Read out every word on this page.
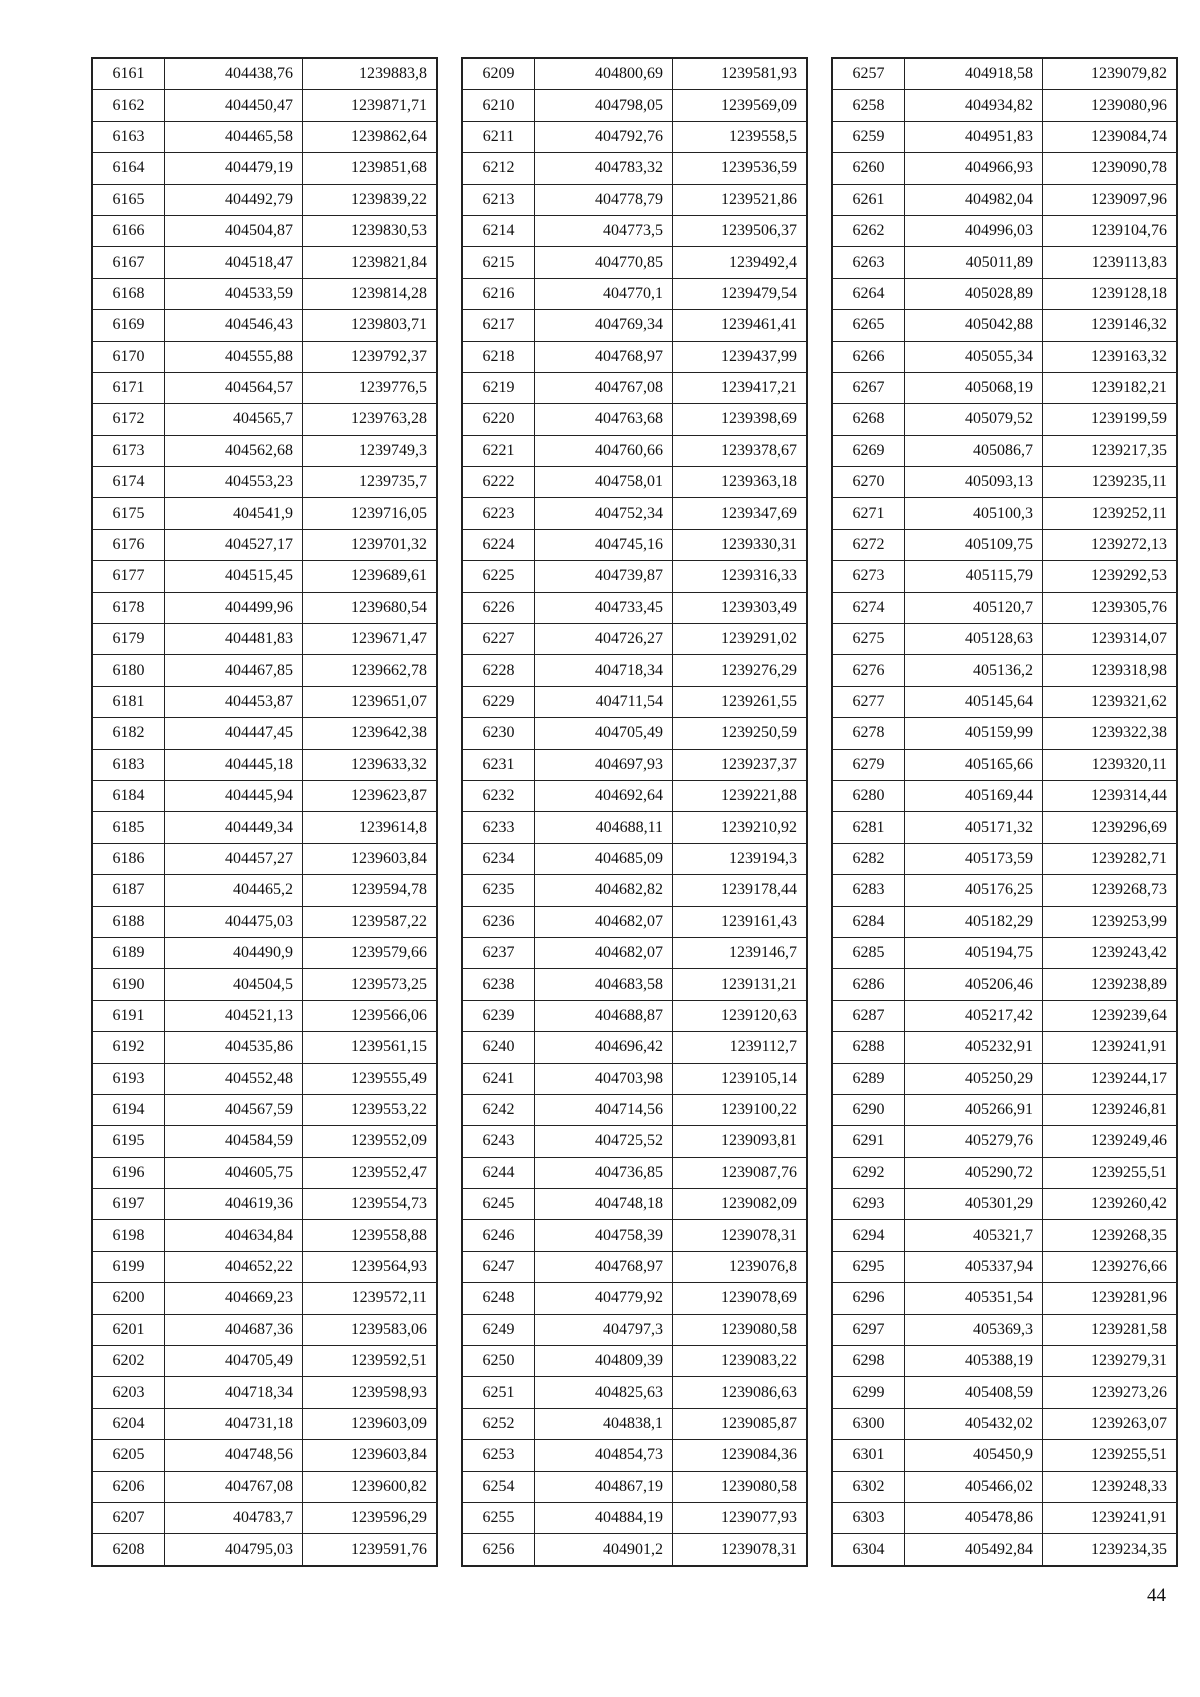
6161	404438,76	1239883,8
6162	404450,47	1239871,71
6163	404465,58	1239862,64
6164	404479,19	1239851,68
6165	404492,79	1239839,22
6166	404504,87	1239830,53
6167	404518,47	1239821,84
6168	404533,59	1239814,28
6169	404546,43	1239803,71
6170	404555,88	1239792,37
6171	404564,57	1239776,5
6172	404565,7	1239763,28
6173	404562,68	1239749,3
6174	404553,23	1239735,7
6175	404541,9	1239716,05
6176	404527,17	1239701,32
6177	404515,45	1239689,61
6178	404499,96	1239680,54
6179	404481,83	1239671,47
6180	404467,85	1239662,78
6181	404453,87	1239651,07
6182	404447,45	1239642,38
6183	404445,18	1239633,32
6184	404445,94	1239623,87
6185	404449,34	1239614,8
6186	404457,27	1239603,84
6187	404465,2	1239594,78
6188	404475,03	1239587,22
6189	404490,9	1239579,66
6190	404504,5	1239573,25
6191	404521,13	1239566,06
6192	404535,86	1239561,15
6193	404552,48	1239555,49
6194	404567,59	1239553,22
6195	404584,59	1239552,09
6196	404605,75	1239552,47
6197	404619,36	1239554,73
6198	404634,84	1239558,88
6199	404652,22	1239564,93
6200	404669,23	1239572,11
6201	404687,36	1239583,06
6202	404705,49	1239592,51
6203	404718,34	1239598,93
6204	404731,18	1239603,09
6205	404748,56	1239603,84
6206	404767,08	1239600,82
6207	404783,7	1239596,29
6208	404795,03	1239591,76
6209	404800,69	1239581,93
6210	404798,05	1239569,09
6211	404792,76	1239558,5
6212	404783,32	1239536,59
6213	404778,79	1239521,86
6214	404773,5	1239506,37
6215	404770,85	1239492,4
6216	404770,1	1239479,54
6217	404769,34	1239461,41
6218	404768,97	1239437,99
6219	404767,08	1239417,21
6220	404763,68	1239398,69
6221	404760,66	1239378,67
6222	404758,01	1239363,18
6223	404752,34	1239347,69
6224	404745,16	1239330,31
6225	404739,87	1239316,33
6226	404733,45	1239303,49
6227	404726,27	1239291,02
6228	404718,34	1239276,29
6229	404711,54	1239261,55
6230	404705,49	1239250,59
6231	404697,93	1239237,37
6232	404692,64	1239221,88
6233	404688,11	1239210,92
6234	404685,09	1239194,3
6235	404682,82	1239178,44
6236	404682,07	1239161,43
6237	404682,07	1239146,7
6238	404683,58	1239131,21
6239	404688,87	1239120,63
6240	404696,42	1239112,7
6241	404703,98	1239105,14
6242	404714,56	1239100,22
6243	404725,52	1239093,81
6244	404736,85	1239087,76
6245	404748,18	1239082,09
6246	404758,39	1239078,31
6247	404768,97	1239076,8
6248	404779,92	1239078,69
6249	404797,3	1239080,58
6250	404809,39	1239083,22
6251	404825,63	1239086,63
6252	404838,1	1239085,87
6253	404854,73	1239084,36
6254	404867,19	1239080,58
6255	404884,19	1239077,93
6256	404901,2	1239078,31
6257	404918,58	1239079,82
6258	404934,82	1239080,96
6259	404951,83	1239084,74
6260	404966,93	1239090,78
6261	404982,04	1239097,96
6262	404996,03	1239104,76
6263	405011,89	1239113,83
6264	405028,89	1239128,18
6265	405042,88	1239146,32
6266	405055,34	1239163,32
6267	405068,19	1239182,21
6268	405079,52	1239199,59
6269	405086,7	1239217,35
6270	405093,13	1239235,11
6271	405100,3	1239252,11
6272	405109,75	1239272,13
6273	405115,79	1239292,53
6274	405120,7	1239305,76
6275	405128,63	1239314,07
6276	405136,2	1239318,98
6277	405145,64	1239321,62
6278	405159,99	1239322,38
6279	405165,66	1239320,11
6280	405169,44	1239314,44
6281	405171,32	1239296,69
6282	405173,59	1239282,71
6283	405176,25	1239268,73
6284	405182,29	1239253,99
6285	405194,75	1239243,42
6286	405206,46	1239238,89
6287	405217,42	1239239,64
6288	405232,91	1239241,91
6289	405250,29	1239244,17
6290	405266,91	1239246,81
6291	405279,76	1239249,46
6292	405290,72	1239255,51
6293	405301,29	1239260,42
6294	405321,7	1239268,35
6295	405337,94	1239276,66
6296	405351,54	1239281,96
6297	405369,3	1239281,58
6298	405388,19	1239279,31
6299	405408,59	1239273,26
6300	405432,02	1239263,07
6301	405450,9	1239255,51
6302	405466,02	1239248,33
6303	405478,86	1239241,91
6304	405492,84	1239234,35
44
